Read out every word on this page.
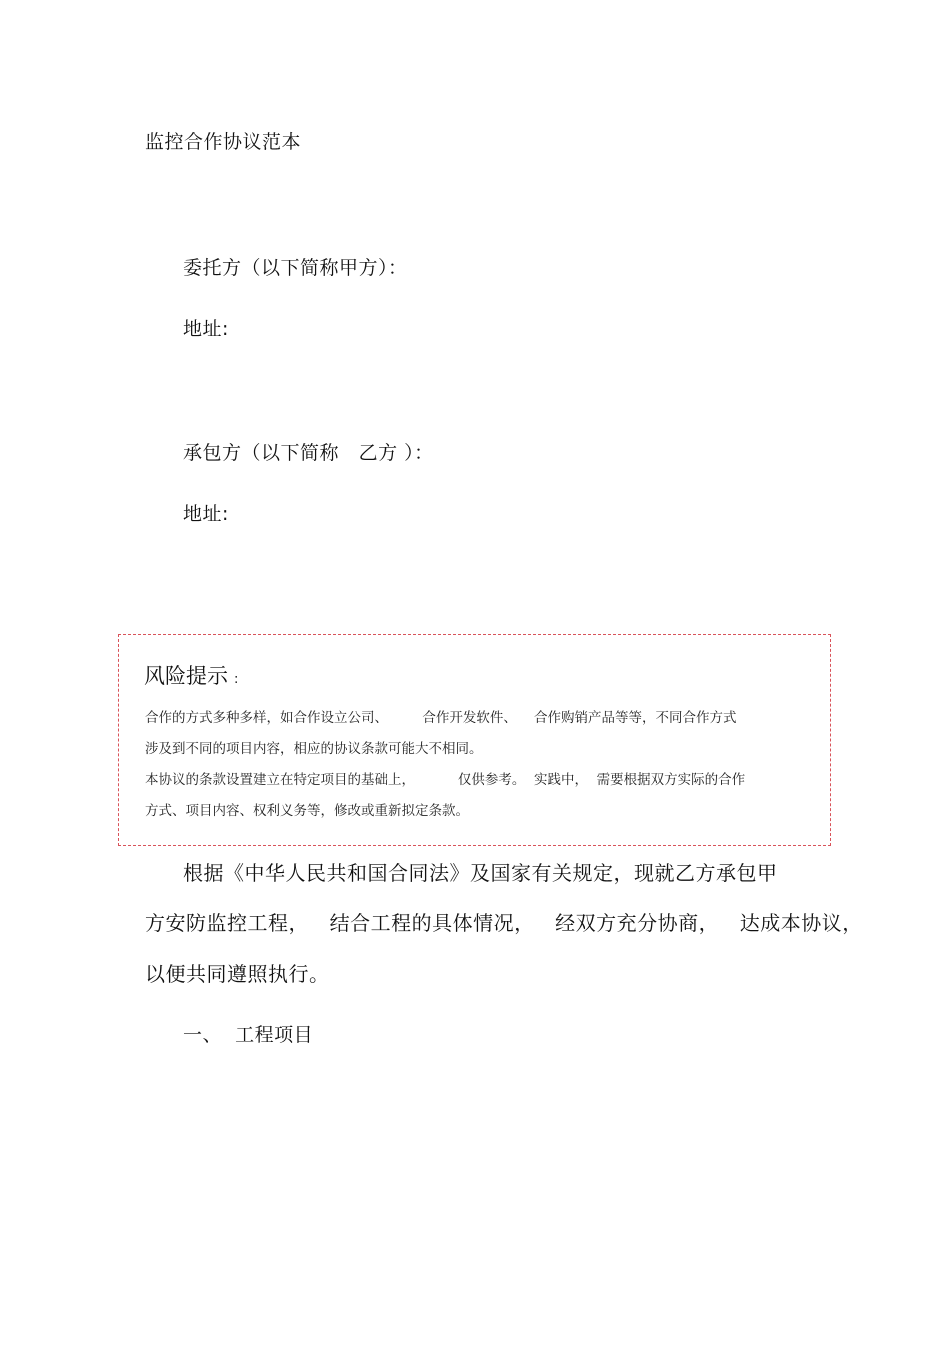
监控合作协议范本
委托方（以下简称甲方）：
地址:
承包方（以下简称   乙方 ）：
地址:
风险提示 :
合作的方式多种多样，如合作设立公司、        合作开发软件、    合作购销产品等等，不同合作方式
涉及到不同的项目内容，相应的协议条款可能大不相同。
本协议的条款设置建立在特定项目的基础上，          仅供参考。  实践中，  需要根据双方实际的合作
方式、项目内容、权利义务等，修改或重新拟定条款。
根据《中华人民共和国合同法》及国家有关规定，现就乙方承包甲
方安防监控工程，   结合工程的具体情况，   经双方充分协商，   达成本协议，
以便共同遵照执行。
一、  工程项目
